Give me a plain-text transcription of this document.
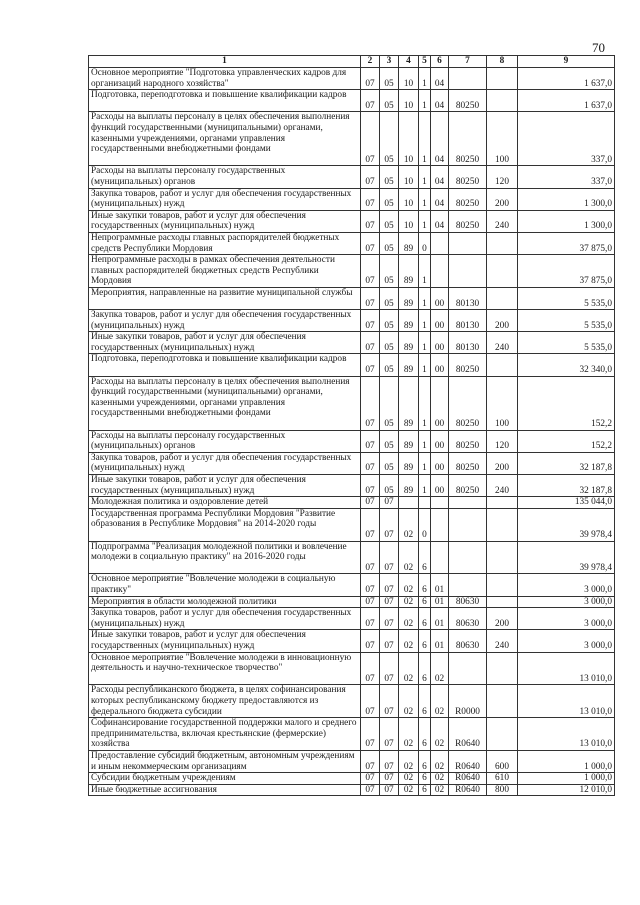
70
1	2	3	4	5	6	7	8	9
Основное мероприятие "Подготовка управленческих кадров для организаций народного хозяйства"	07	05	10	1	04			1 637,0
Подготовка, переподготовка и повышение квалификации кадров	07	05	10	1	04	80250		1 637,0
Расходы на выплаты персоналу в целях обеспечения выполнения функций государственными (муниципальными) органами, казенными учреждениями, органами управления государственными внебюджетными фондами	07	05	10	1	04	80250	100	337,0
Расходы на выплаты персоналу государственных (муниципальных) органов	07	05	10	1	04	80250	120	337,0
Закупка товаров, работ и услуг для обеспечения государственных (муниципальных) нужд	07	05	10	1	04	80250	200	1 300,0
Иные закупки товаров, работ и услуг для обеспечения государственных (муниципальных) нужд	07	05	10	1	04	80250	240	1 300,0
Непрограммные расходы главных распорядителей бюджетных средств Республики Мордовия	07	05	89	0				37 875,0
Непрограммные расходы в рамках обеспечения деятельности главных распорядителей бюджетных средств Республики Мордовия	07	05	89	1				37 875,0
Мероприятия, направленные на развитие муниципальной службы	07	05	89	1	00	80130		5 535,0
Закупка товаров, работ и услуг для обеспечения государственных (муниципальных) нужд	07	05	89	1	00	80130	200	5 535,0
Иные закупки товаров, работ и услуг для обеспечения государственных (муниципальных) нужд	07	05	89	1	00	80130	240	5 535,0
Подготовка, переподготовка и повышение квалификации кадров	07	05	89	1	00	80250		32 340,0
Расходы на выплаты персоналу в целях обеспечения выполнения функций государственными (муниципальными) органами, казенными учреждениями, органами управления государственными внебюджетными фондами	07	05	89	1	00	80250	100	152,2
Расходы на выплаты персоналу государственных (муниципальных) органов	07	05	89	1	00	80250	120	152,2
Закупка товаров, работ и услуг для обеспечения государственных (муниципальных) нужд	07	05	89	1	00	80250	200	32 187,8
Иные закупки товаров, работ и услуг для обеспечения государственных (муниципальных) нужд	07	05	89	1	00	80250	240	32 187,8
Молодежная политика и оздоровление детей	07	07						135 044,0
Государственная программа Республики Мордовия "Развитие образования в Республике Мордовия" на 2014-2020 годы	07	07	02	0				39 978,4
Подпрограмма "Реализация молодежной политики и вовлечение молодежи в социальную практику" на 2016-2020 годы	07	07	02	6				39 978,4
Основное мероприятие "Вовлечение молодежи в социальную практику"	07	07	02	6	01			3 000,0
Мероприятия в области молодежной политики	07	07	02	6	01	80630		3 000,0
Закупка товаров, работ и услуг для обеспечения государственных (муниципальных) нужд	07	07	02	6	01	80630	200	3 000,0
Иные закупки товаров, работ и услуг для обеспечения государственных (муниципальных) нужд	07	07	02	6	01	80630	240	3 000,0
Основное мероприятие "Вовлечение молодежи в инновационную деятельность и научно-техническое творчество"	07	07	02	6	02			13 010,0
Расходы республиканского бюджета, в целях софинансирования которых республиканскому бюджету предоставляются из федерального бюджета субсидии	07	07	02	6	02	R0000		13 010,0
Софинансирование государственной поддержки малого и среднего предпринимательства, включая крестьянские (фермерские) хозяйства	07	07	02	6	02	R0640		13 010,0
Предоставление субсидий бюджетным, автономным учреждениям и иным некоммерческим организациям	07	07	02	6	02	R0640	600	1 000,0
Субсидии бюджетным учреждениям	07	07	02	6	02	R0640	610	1 000,0
Иные бюджетные ассигнования	07	07	02	6	02	R0640	800	12 010,0
